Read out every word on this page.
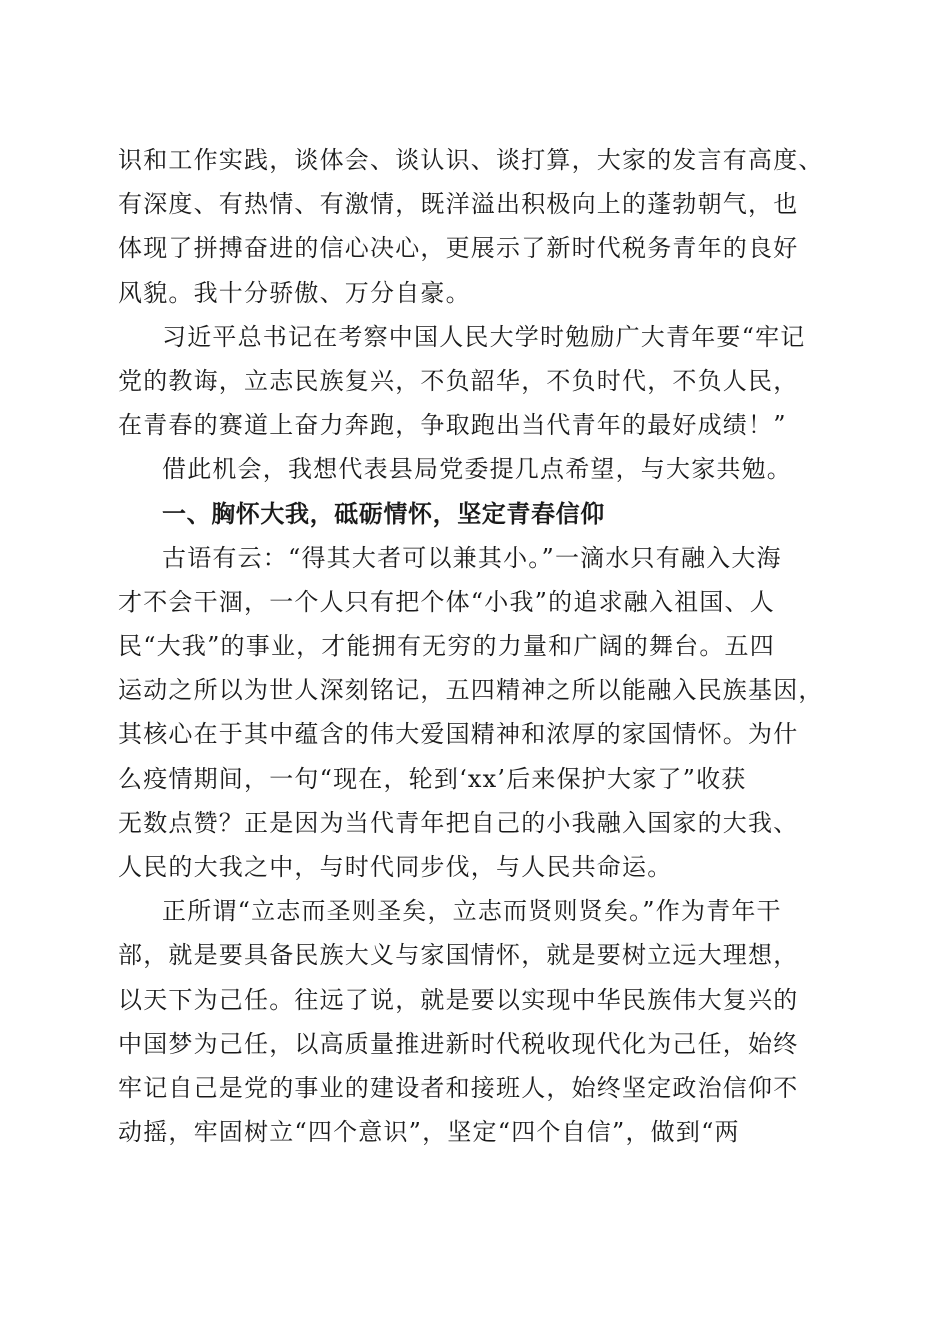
识和工作实践，谈体会、谈认识、谈打算，大家的发言有高度、
有深度、有热情、有激情，既洋溢出积极向上的蓬勃朝气，也
体现了拼搏奋进的信心决心，更展示了新时代税务青年的良好
风貌。我十分骄傲、万分自豪。
习近平总书记在考察中国人民大学时勉励广大青年要“牢记
党的教诲，立志民族复兴，不负韶华，不负时代，不负人民，
在青春的赛道上奋力奔跑，争取跑出当代青年的最好成绩！”
借此机会，我想代表县局党委提几点希望，与大家共勉。
一、胸怀大我，砥砺情怀，坚定青春信仰
古语有云：“得其大者可以兼其小。”一滴水只有融入大海
才不会干涸，一个人只有把个体“小我”的追求融入祖国、人
民“大我”的事业，才能拥有无穷的力量和广阔的舞台。五四
运动之所以为世人深刻铭记，五四精神之所以能融入民族基因，
其核心在于其中蕴含的伟大爱国精神和浓厚的家国情怀。为什
么疫情期间，一句“现在，轮到‘xx’后来保护大家了”收获
无数点赞？正是因为当代青年把自己的小我融入国家的大我、
人民的大我之中，与时代同步伐，与人民共命运。
正所谓“立志而圣则圣矣，立志而贤则贤矣。”作为青年干
部，就是要具备民族大义与家国情怀，就是要树立远大理想，
以天下为己任。往远了说，就是要以实现中华民族伟大复兴的
中国梦为己任，以高质量推进新时代税收现代化为己任，始终
牢记自己是党的事业的建设者和接班人，始终坚定政治信仰不
动摇，牢固树立“四个意识”，坚定“四个自信”，做到“两
